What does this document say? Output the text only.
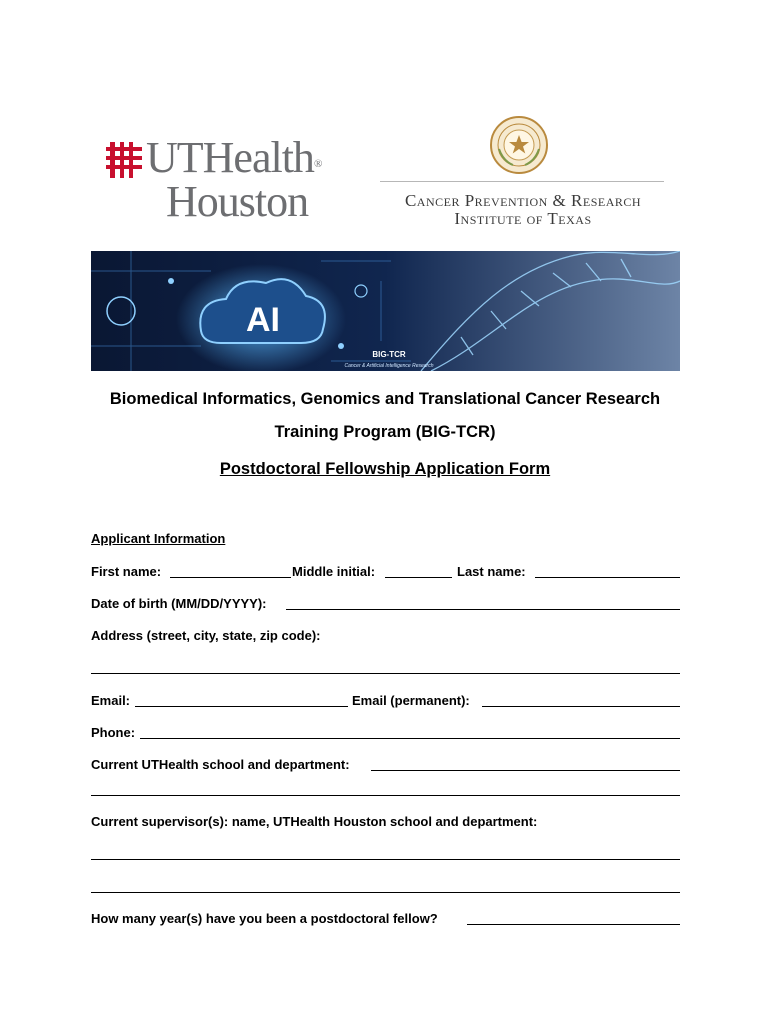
UTHealth®
Houston	Cancer Prevention & Research
Institute of Texas
AI
BIG-TCR
Cancer & Artificial Intelligence Research
Biomedical Informatics, Genomics and Translational Cancer Research
Training Program (BIG-TCR)
Postdoctoral Fellowship Application Form
Applicant Information
First name:	Middle initial:	Last name:
Date of birth (MM/DD/YYYY):
Address (street, city, state, zip code):
Email:	Email (permanent):
Phone:
Current UTHealth school and department:
Current supervisor(s): name, UTHealth Houston school and department:
How many year(s) have you been a postdoctoral fellow?
